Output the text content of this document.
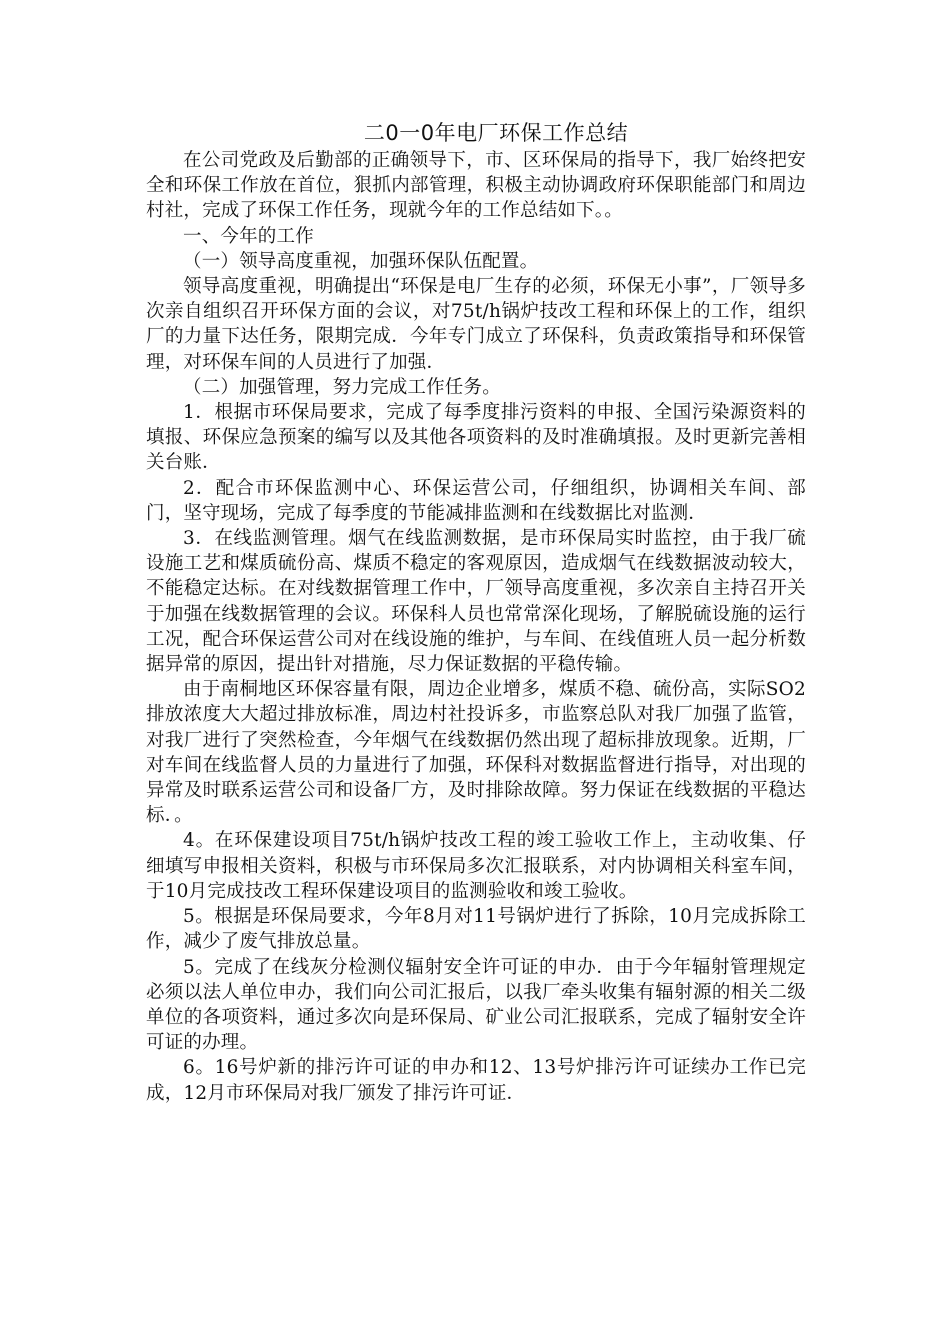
二0一0年电厂环保工作总结

在公司党政及后勤部的正确领导下，市、区环保局的指导下，我厂始终把安全和环保工作放在首位，狠抓内部管理，积极主动协调政府环保职能部门和周边村社，完成了环保工作任务，现就今年的工作总结如下。。

一、今年的工作

（一）领导高度重视，加强环保队伍配置。

领导高度重视，明确提出“环保是电厂生存的必须，环保无小事”，厂领导多次亲自组织召开环保方面的会议，对75t/h锅炉技改工程和环保上的工作，组织厂的力量下达任务，限期完成．今年专门成立了环保科，负责政策指导和环保管理，对环保车间的人员进行了加强．

（二）加强管理，努力完成工作任务。

1．根据市环保局要求，完成了每季度排污资料的申报、全国污染源资料的填报、环保应急预案的编写以及其他各项资料的及时准确填报。及时更新完善相关台账．

2．配合市环保监测中心、环保运营公司，仔细组织，协调相关车间、部门，坚守现场，完成了每季度的节能减排监测和在线数据比对监测．

3．在线监测管理。烟气在线监测数据，是市环保局实时监控，由于我厂硫设施工艺和煤质硫份高、煤质不稳定的客观原因，造成烟气在线数据波动较大，不能稳定达标。在对线数据管理工作中，厂领导高度重视，多次亲自主持召开关于加强在线数据管理的会议。环保科人员也常常深化现场，了解脱硫设施的运行工况，配合环保运营公司对在线设施的维护，与车间、在线值班人员一起分析数据异常的原因，提出针对措施，尽力保证数据的平稳传输。

由于南桐地区环保容量有限，周边企业增多，煤质不稳、硫份高，实际SO2排放浓度大大超过排放标准，周边村社投诉多，市监察总队对我厂加强了监管，对我厂进行了突然检查，今年烟气在线数据仍然出现了超标排放现象。近期，厂对车间在线监督人员的力量进行了加强，环保科对数据监督进行指导，对出现的异常及时联系运营公司和设备厂方，及时排除故障。努力保证在线数据的平稳达标．。

4。在环保建设项目75t/h锅炉技改工程的竣工验收工作上，主动收集、仔细填写申报相关资料，积极与市环保局多次汇报联系，对内协调相关科室车间，于10月完成技改工程环保建设项目的监测验收和竣工验收。

5。根据是环保局要求，今年8月对11号锅炉进行了拆除，10月完成拆除工作，减少了废气排放总量。

5。完成了在线灰分检测仪辐射安全许可证的申办．由于今年辐射管理规定必须以法人单位申办，我们向公司汇报后，以我厂牵头收集有辐射源的相关二级单位的各项资料，通过多次向是环保局、矿业公司汇报联系，完成了辐射安全许可证的办理。

6。16号炉新的排污许可证的申办和12、13号炉排污许可证续办工作已完成，12月市环保局对我厂颁发了排污许可证．
